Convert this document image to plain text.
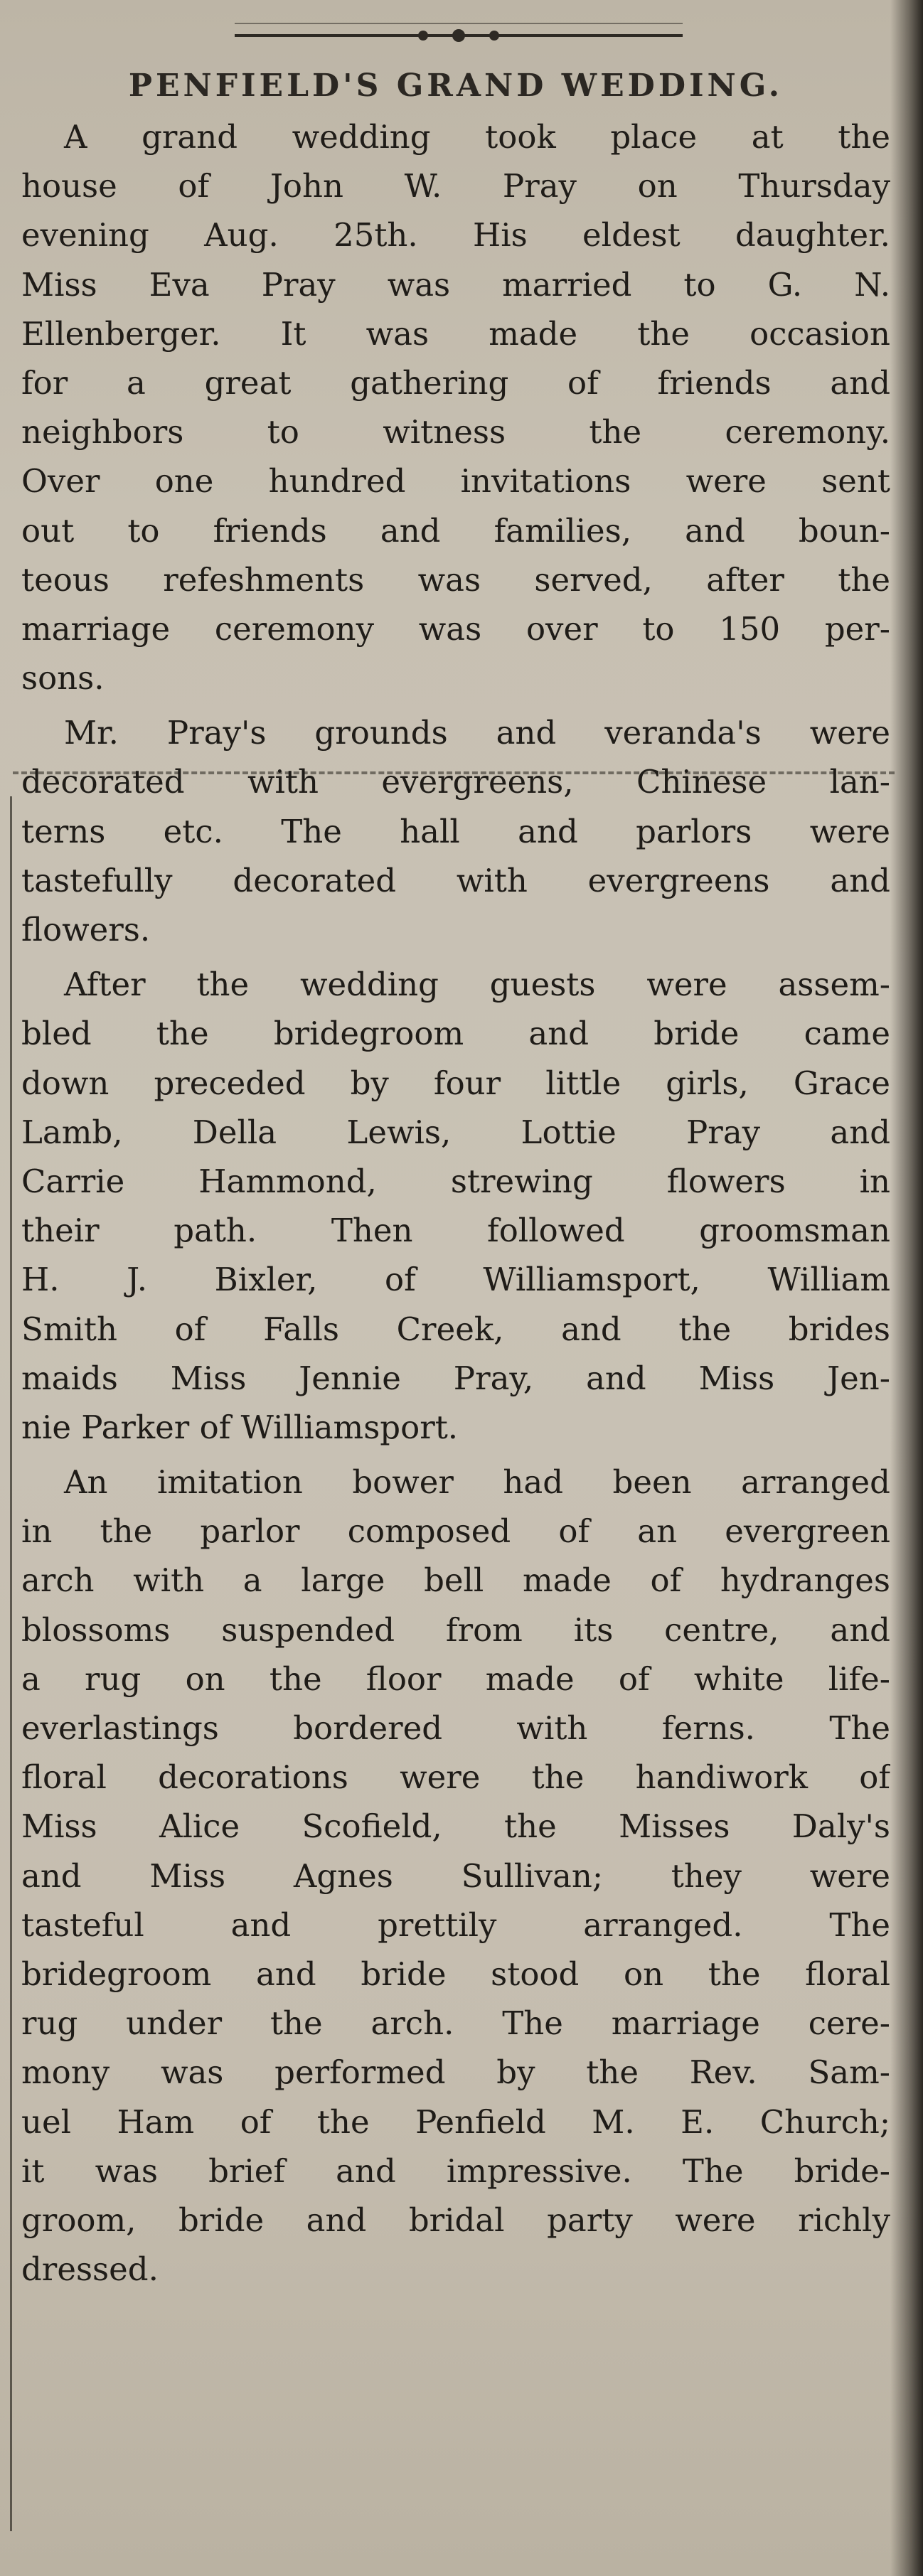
PENFIELD'S GRAND WEDDING.
A grand wedding took place at the
house of John W. Pray on Thursday
evening Aug. 25th. His eldest daughter.
Miss Eva Pray was married to G. N.
Ellenberger. It was made the occasion
for a great gathering of friends and
neighbors to witness the ceremony.
Over one hundred invitations were sent
out to friends and families, and boun-
teous refeshments was served, after the
marriage ceremony was over to 150 per-
sons.
Mr. Pray's grounds and veranda's were
decorated with evergreens, Chinese lan-
terns etc. The hall and parlors were
tastefully decorated with evergreens and
flowers.
After the wedding guests were assem-
bled the bridegroom and bride came
down preceded by four little girls, Grace
Lamb, Della Lewis, Lottie Pray and
Carrie Hammond, strewing flowers in
their path. Then followed groomsman
H. J. Bixler, of Williamsport, William
Smith of Falls Creek, and the brides
maids Miss Jennie Pray, and Miss Jen-
nie Parker of Williamsport.
An imitation bower had been arranged
in the parlor composed of an evergreen
arch with a large bell made of hydranges
blossoms suspended from its centre, and
a rug on the floor made of white life-
everlastings bordered with ferns. The
floral decorations were the handiwork of
Miss Alice Scofield, the Misses Daly's
and Miss Agnes Sullivan; they were
tasteful and prettily arranged. The
bridegroom and bride stood on the floral
rug under the arch. The marriage cere-
mony was performed by the Rev. Sam-
uel Ham of the Penfield M. E. Church;
it was brief and impressive. The bride-
groom, bride and bridal party were richly
dressed.
